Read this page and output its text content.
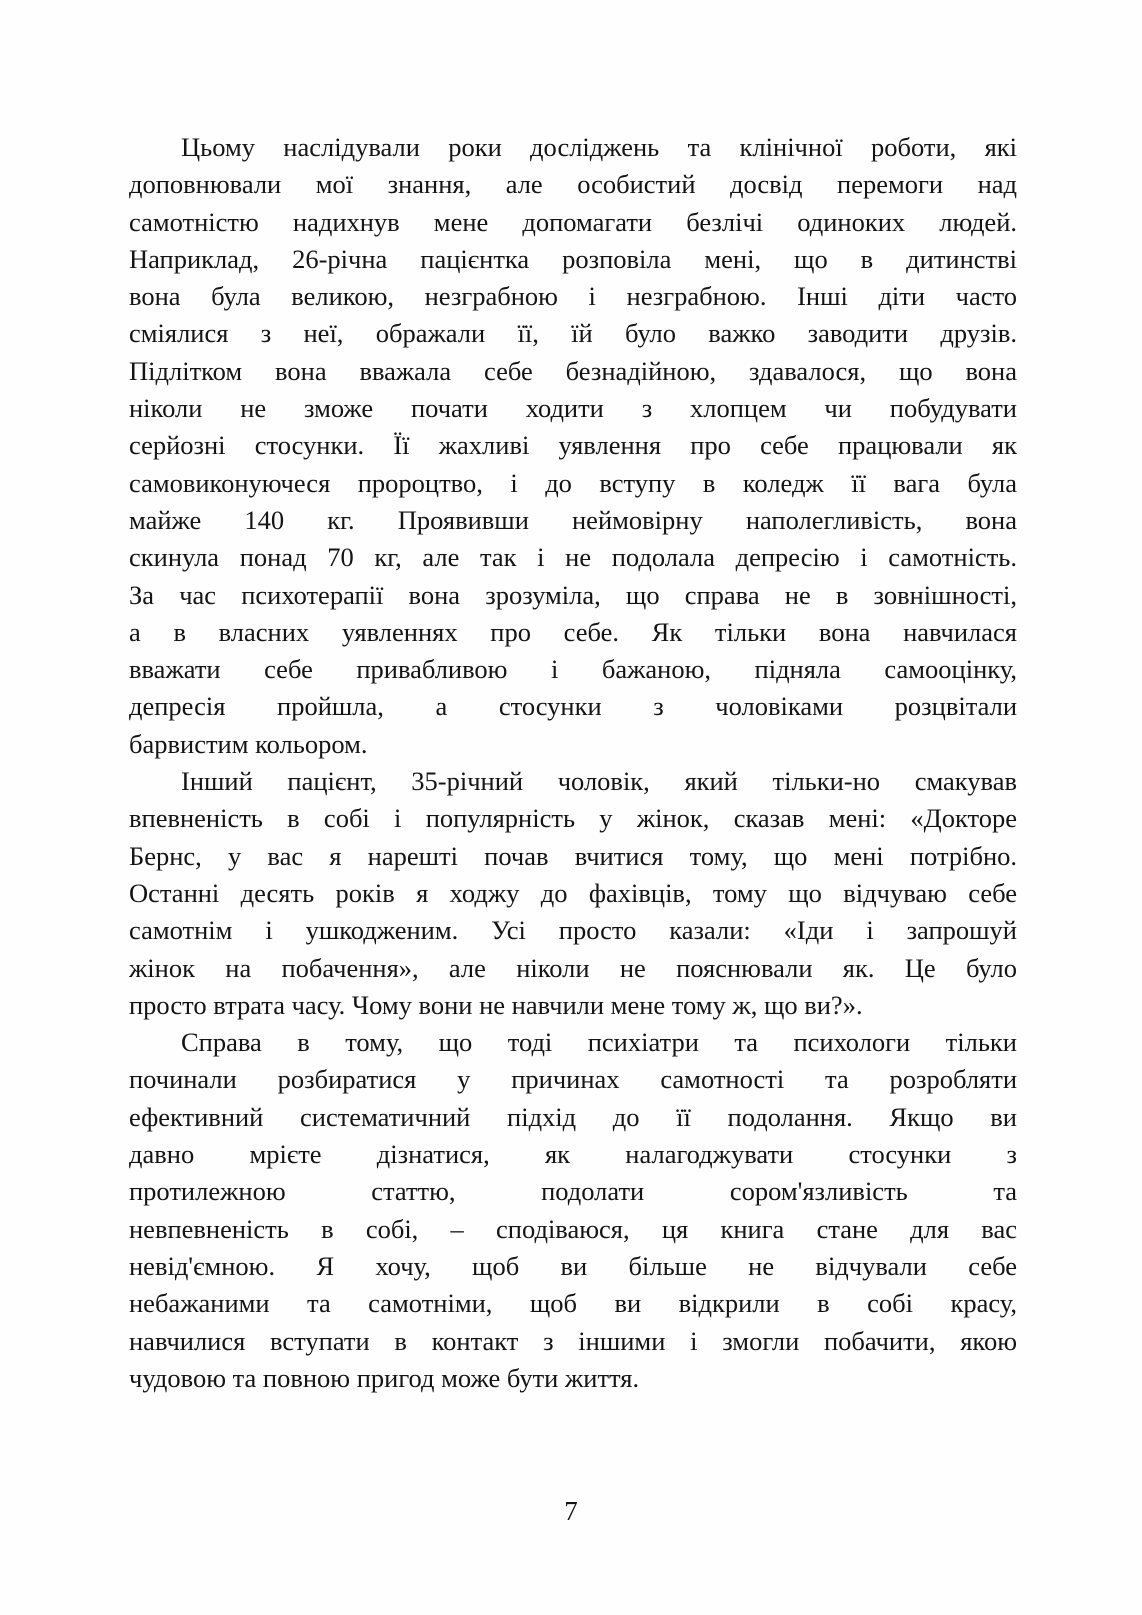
Цьому наслідували роки досліджень та клінічної роботи, які
доповнювали мої знання, але особистий досвід перемоги над
самотністю надихнув мене допомагати безлічі одиноких людей.
Наприклад, 26-річна пацієнтка розповіла мені, що в дитинстві
вона була великою, незграбною і незграбною. Інші діти часто
сміялися з неї, ображали її, їй було важко заводити друзів.
Підлітком вона вважала себе безнадійною, здавалося, що вона
ніколи не зможе почати ходити з хлопцем чи побудувати
серйозні стосунки. Її жахливі уявлення про себе працювали як
самовиконуючеся пророцтво, і до вступу в коледж її вага була
майже 140 кг. Проявивши неймовірну наполегливість, вона
скинула понад 70 кг, але так і не подолала депресію і самотність.
За час психотерапії вона зрозуміла, що справа не в зовнішності,
а в власних уявленнях про себе. Як тільки вона навчилася
вважати себе привабливою і бажаною, підняла самооцінку,
депресія пройшла, а стосунки з чоловіками розцвітали
барвистим кольором.
Інший пацієнт, 35-річний чоловік, який тільки-но смакував
впевненість в собі і популярність у жінок, сказав мені: «Докторе
Бернс, у вас я нарешті почав вчитися тому, що мені потрібно.
Останні десять років я ходжу до фахівців, тому що відчуваю себе
самотнім і ушкодженим. Усі просто казали: «Іди і запрошуй
жінок на побачення», але ніколи не пояснювали як. Це було
просто втрата часу. Чому вони не навчили мене тому ж, що ви?».
Справа в тому, що тоді психіатри та психологи тільки
починали розбиратися у причинах самотності та розробляти
ефективний систематичний підхід до її подолання. Якщо ви
давно мрієте дізнатися, як налагоджувати стосунки з
протилежною статтю, подолати сором'язливість та
невпевненість в собі, – сподіваюся, ця книга стане для вас
невід'ємною. Я хочу, щоб ви більше не відчували себе
небажаними та самотніми, щоб ви відкрили в собі красу,
навчилися вступати в контакт з іншими і змогли побачити, якою
чудовою та повною пригод може бути життя.
7
